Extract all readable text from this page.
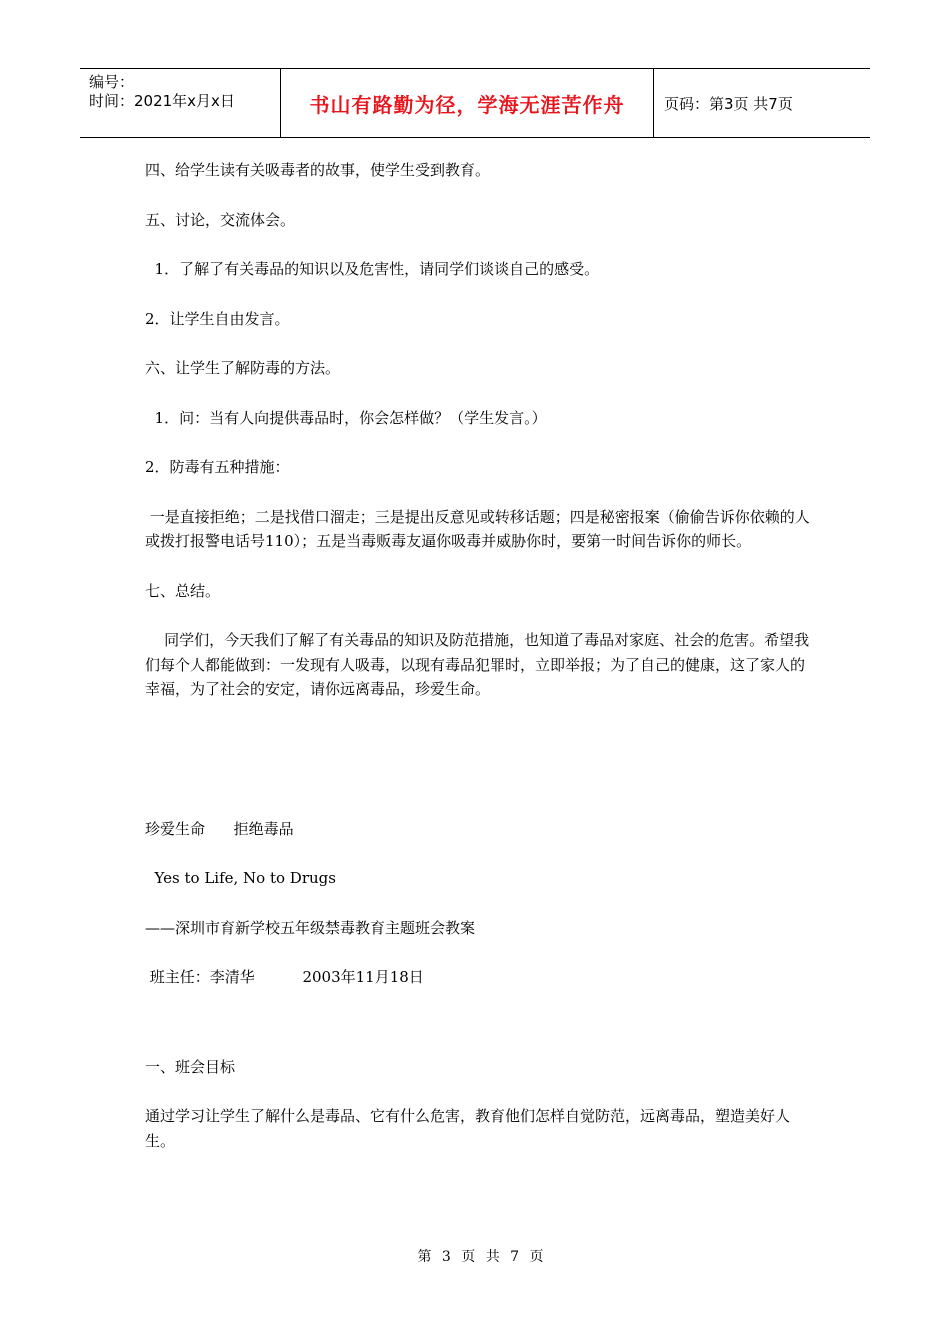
编号：
时间：2021年x月x日	书山有路勤为径，学海无涯苦作舟	页码：第3页 共7页

四、给学生读有关吸毒者的故事，使学生受到教育。

五、讨论，交流体会。

1．了解了有关毒品的知识以及危害性，请同学们谈谈自己的感受。

2．让学生自由发言。

六、让学生了解防毒的方法。

1．问：当有人向提供毒品时，你会怎样做？（学生发言。）

2．防毒有五种措施：

一是直接拒绝；二是找借口溜走；三是提出反意见或转移话题；四是秘密报案（偷偷告诉你依赖的人或拨打报警电话号110）；五是当毒贩毒友逼你吸毒并威胁你时，要第一时间告诉你的师长。

七、总结。

同学们，今天我们了解了有关毒品的知识及防范措施，也知道了毒品对家庭、社会的危害。希望我们每个人都能做到：一发现有人吸毒，以现有毒品犯罪时，立即举报；为了自己的健康，这了家人的幸福，为了社会的安定，请你远离毒品，珍爱生命。

珍爱生命      拒绝毒品

Yes to Life, No to Drugs

——深圳市育新学校五年级禁毒教育主题班会教案

班主任：李清华          2003年11月18日

一、班会目标

通过学习让学生了解什么是毒品、它有什么危害，教育他们怎样自觉防范，远离毒品，塑造美好人生。

第 3 页 共 7 页
